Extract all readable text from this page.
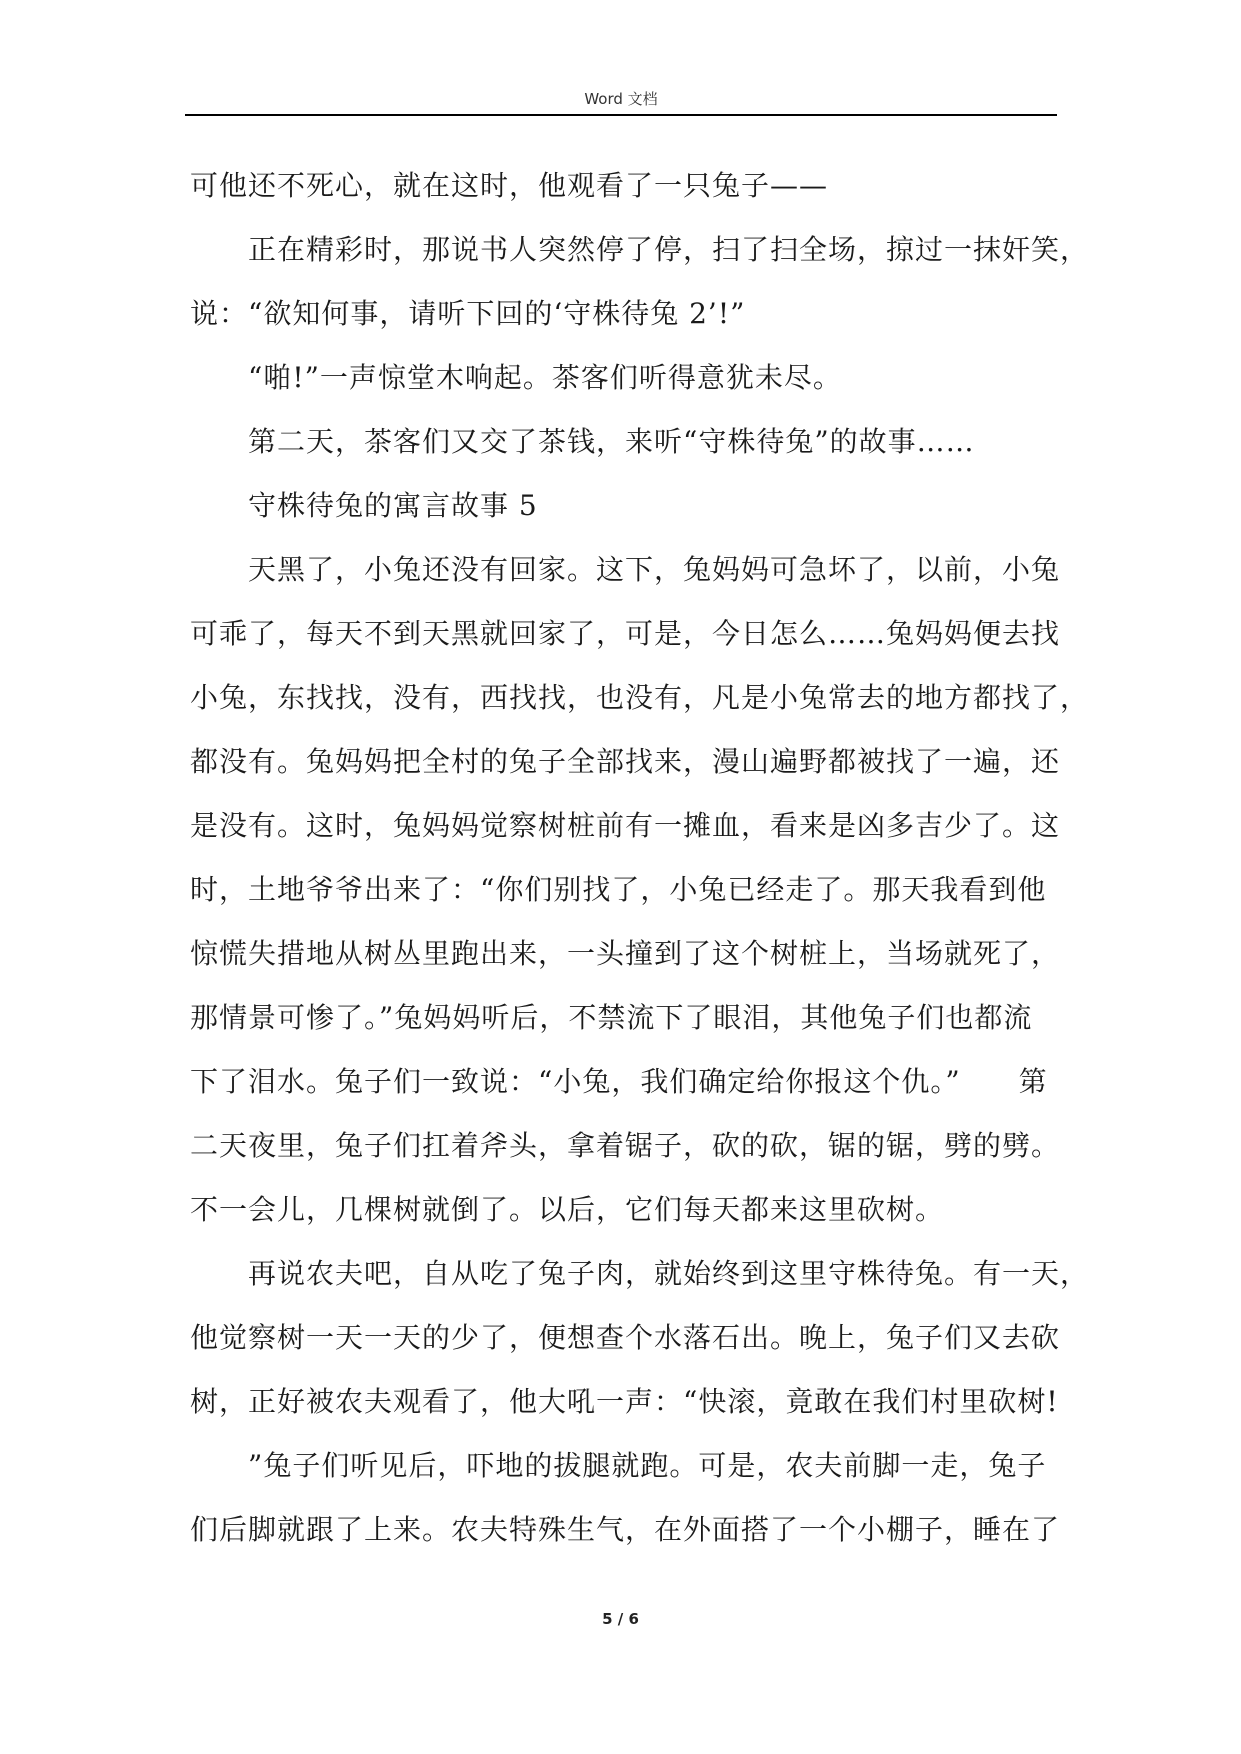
Word 文档
可他还不死心，就在这时，他观看了一只兔子——
正在精彩时，那说书人突然停了停，扫了扫全场，掠过一抹奸笑，
说：“欲知何事，请听下回的‘守株待兔 2’!”
“啪!”一声惊堂木响起。茶客们听得意犹未尽。
第二天，茶客们又交了茶钱，来听“守株待兔”的故事……
守株待兔的寓言故事 5
天黑了，小兔还没有回家。这下，兔妈妈可急坏了，以前，小兔
可乖了，每天不到天黑就回家了，可是，今日怎么……兔妈妈便去找
小兔，东找找，没有，西找找，也没有，凡是小兔常去的地方都找了，
都没有。兔妈妈把全村的兔子全部找来，漫山遍野都被找了一遍，还
是没有。这时，兔妈妈觉察树桩前有一摊血，看来是凶多吉少了。这
时，土地爷爷出来了：“你们别找了，小兔已经走了。那天我看到他
惊慌失措地从树丛里跑出来，一头撞到了这个树桩上，当场就死了，
那情景可惨了。”兔妈妈听后，不禁流下了眼泪，其他兔子们也都流
下了泪水。兔子们一致说：“小兔，我们确定给你报这个仇。”　　第
二天夜里，兔子们扛着斧头，拿着锯子，砍的砍，锯的锯，劈的劈。
不一会儿，几棵树就倒了。以后，它们每天都来这里砍树。
再说农夫吧，自从吃了兔子肉，就始终到这里守株待兔。有一天，
他觉察树一天一天的少了，便想查个水落石出。晚上，兔子们又去砍
树，正好被农夫观看了，他大吼一声：“快滚，竟敢在我们村里砍树!
”兔子们听见后，吓地的拔腿就跑。可是，农夫前脚一走，兔子
们后脚就跟了上来。农夫特殊生气，在外面搭了一个小棚子，睡在了
5 / 6
